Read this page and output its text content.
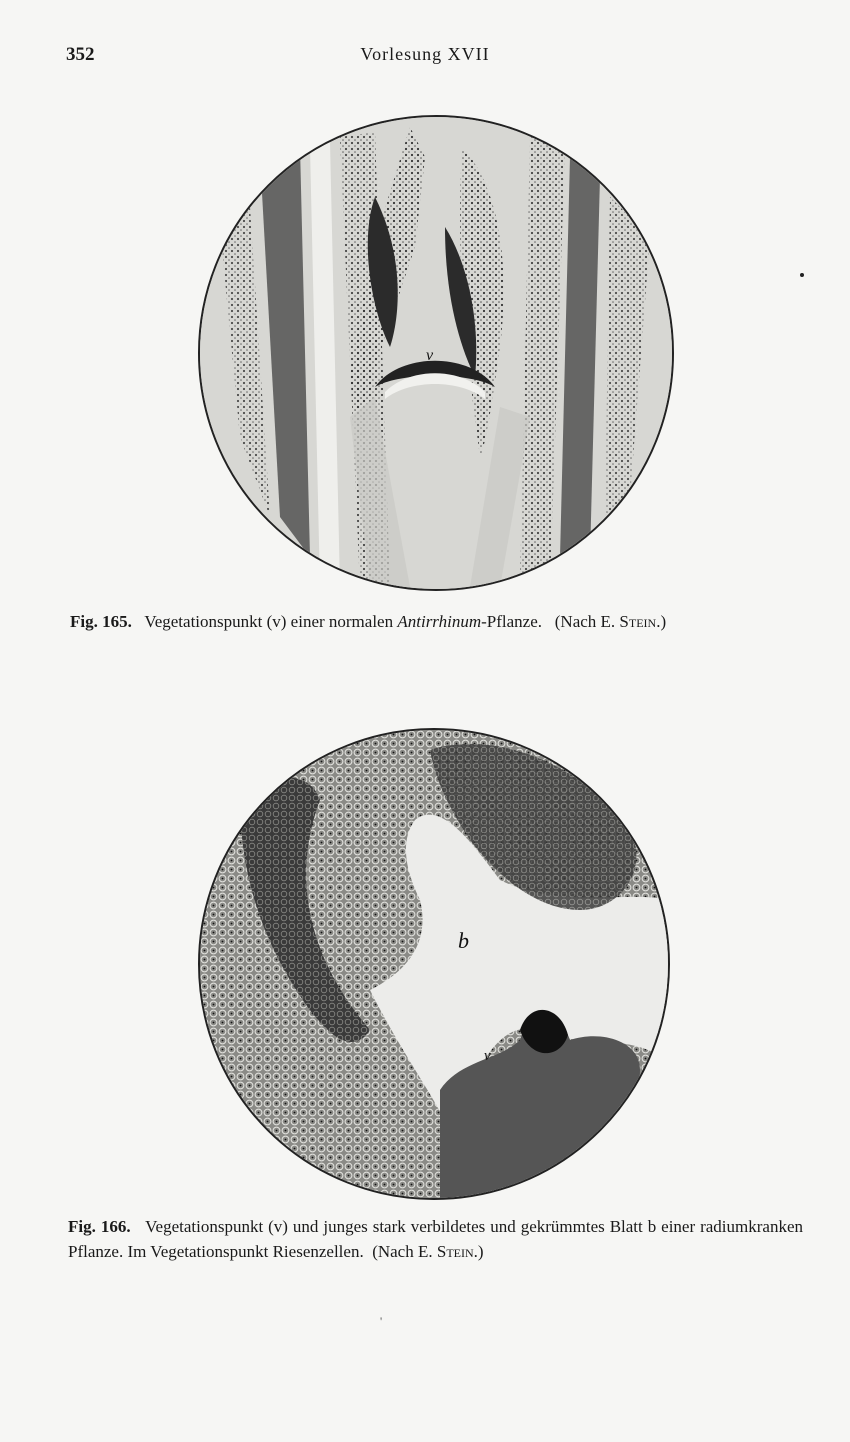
352	Vorlesung XVII
v
Fig. 165. Vegetationspunkt (v) einer normalen Antirrhinum-Pflanze. (Nach E. Stein.)
b
v
Fig. 166. Vegetationspunkt (v) und junges stark verbildetes und gekrümmtes Blatt b einer radiumkranken Pflanze. Im Vegetationspunkt Riesenzellen. (Nach E. Stein.)
'
